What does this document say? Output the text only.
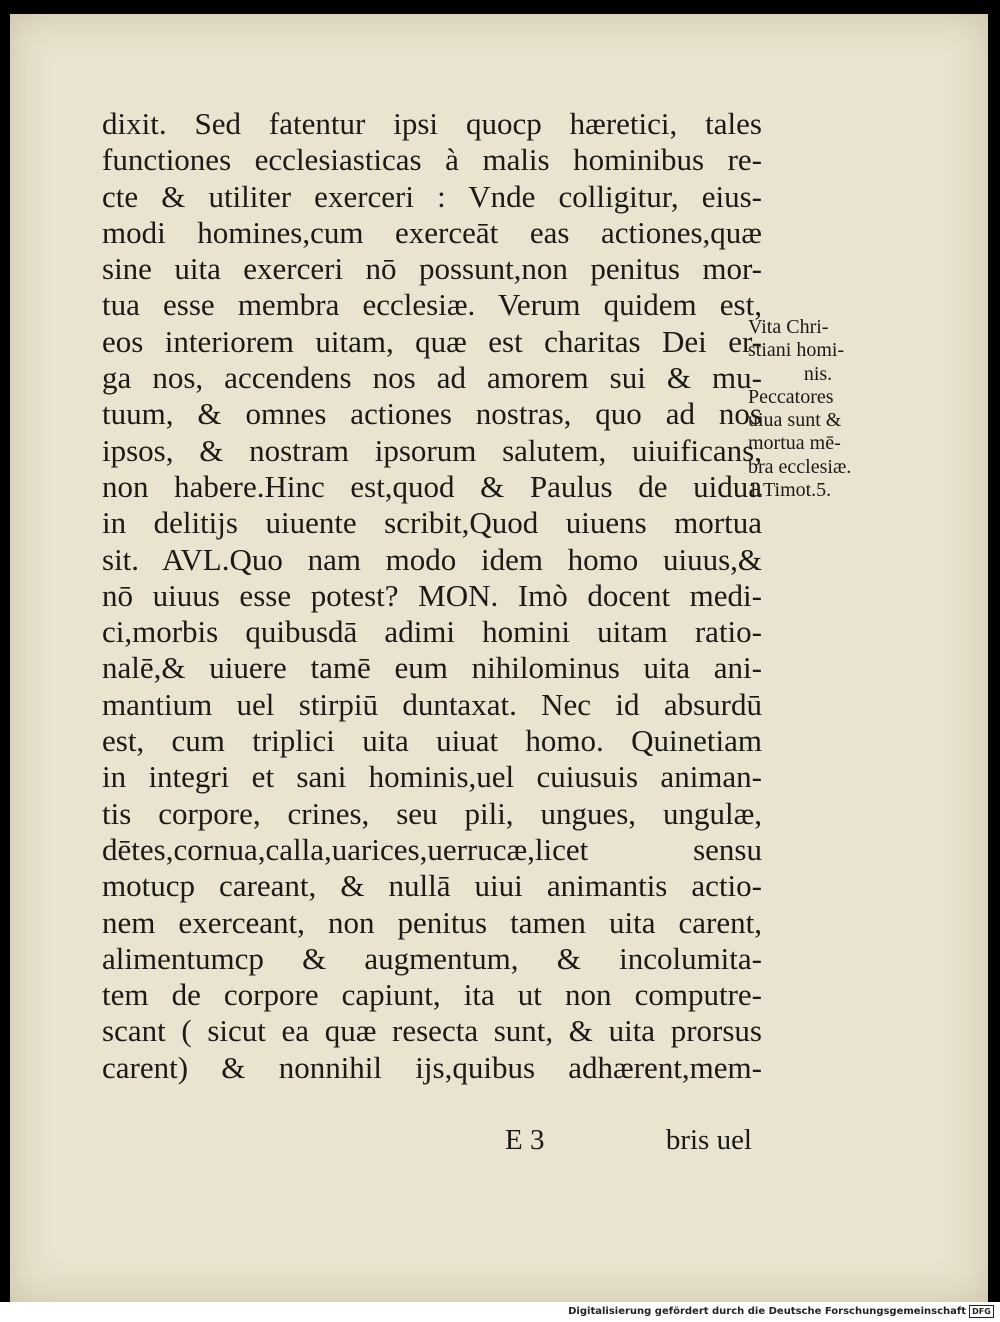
dixit. Sed fatentur ipsi quocp hæretici, tales
functiones ecclesiasticas à malis hominibus re-
cte & utiliter exerceri : Vnde colligitur, eius-
modi homines,cum exerceāt eas actiones,quæ
sine uita exerceri nō possunt,non penitus mor-
tua esse membra ecclesiæ. Verum quidem est,
eos interiorem uitam, quæ est charitas Dei er-
ga nos, accendens nos ad amorem sui & mu-
tuum, & omnes actiones nostras, quo ad nos
ipsos, & nostram ipsorum salutem, uiuificans,
non habere.Hinc est,quod & Paulus de uidua
in delitijs uiuente scribit,Quod uiuens mortua
sit. AVL.Quo nam modo idem homo uiuus,&
nō uiuus esse potest? MON. Imò docent medi-
ci,morbis quibusdā adimi homini uitam ratio-
nalē,& uiuere tamē eum nihilominus uita ani-
mantium uel stirpiū duntaxat. Nec id absurdū
est, cum triplici uita uiuat homo. Quinetiam
in integri et sani hominis,uel cuiusuis animan-
tis corpore, crines, seu pili, ungues, ungulæ,
dētes,cornua,calla,uarices,uerrucæ,licet sensu
motucp careant, & nullā uiui animantis actio-
nem exerceant, non penitus tamen uita carent,
alimentumcp & augmentum, & incolumita-
tem de corpore capiunt, ita ut non computre-
scant ( sicut ea quæ resecta sunt, & uita prorsus
carent) & nonnihil ijs,quibus adhærent,mem-
E 3	bris uel
Vita Chri-
stiani homi-
nis.
Peccatores
uiua sunt &
mortua mē-
bra ecclesiæ.
1.Timot.5.
Digitalisierung gefördert durch die Deutsche Forschungsgemeinschaft DFG
